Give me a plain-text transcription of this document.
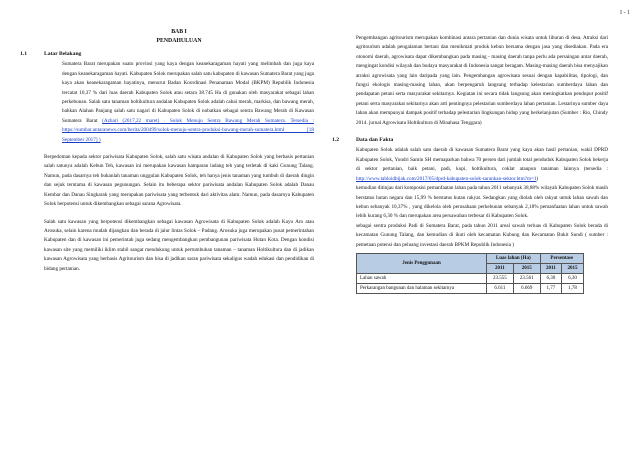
I - 1
BAB I
PENDAHULUAN
1.1	Latar Belakang
Sumatera Barat merupakan suatu provinsi yang kaya dengan keanekaragaman hayati yang melimbah dan juga kaya dengan keanekaragaman hayati. Kabupaten Solok merupakan salah satu kabupaten di kawasan Sumatera Barat yang juga kaya akan keanekaragaman hayatinya, menurut Badan Koordinasi Penanaman Modal (BKPM) Republik Indonesia tercatat 10,37 % dari luas daerah Kabupaten Solok atau setara 38.745 Ha di gunakan oleh masyarakat sebagai lahan perkebunan. Salah satu tanaman holtikultura andalan Kabupaten Solok adalah cabai merah, markisa, dan bawang merah, bahkan Alahan Panjang salah satu nagari di Kabupaten Solok di nobatkan sebagai sentra Bawang Merah di Kawasan Sumatera Barat (Azhari (2017,22 maret) . Solok Menuju Sentra Bawang Merah Sumatera. Tersedia : https://sumbar.antaranews.com/berita/200499/solok-menuju-sentra-produksi-bawang-merah-sumatera.html [18 September 2017] )
Berpedoman kepada sektor pariwisata Kabupaten Solok, salah satu wisata andalan di Kabupaten Solok yang berbasis pertanian salah satunya adalah Kebun Teh, kawasan ini merupakan kawasan hamparan ladang teh yang terletak di kaki Gunung Talang. Namun, pada dasarnya teh bukanlah tanaman unggulan Kabupaten Solok, teh hanya jenis tanaman yang tumbuh di daerah dingin dan sejuk terutama di kawasan pegunungan. Selain itu beberapa sektor pariwisata andalan Kabupaten Solok adalah Danau Kembar dan Danau Singkarak yang merupakan pariwisata yang terbentuk dari aktivitas alam. Namun, pada dasarnya Kabupaten Solok berpotensi untuk dikembangkan sebagai sarana Agrowisata.
Salah satu kawasan yang berpotensi dikembangkan sebagai kawasan Agrowisata di Kabupaten Solok adalah Kayu Aro atau Arosuka, selain karena mudah dijangkau dan berada di jalur lintas Solok – Padang. Arosuka juga merupakan pusat pemerintahan Kabupaten dan di kawasan ini pemerintah juga sedang mengembangkan pembangunan pariwisata Hutan Kota. Dengan kondisi kawasan site yang memiliki iklim stabil sangat mendukung untuk pertumbuhan tanaman – tanaman Holtikultura dan di jadikan kawasan Agrowisata yang berbasis Agritourism dan bisa di jadikan saran pariwisata sekaligus wadah edukasi dan pendidikan di bidang pertanian.
Pengembangan agritourism merupakan kombinasi antara pertanian dan dunia wisata untuk liburan di desa. Atraksi dari agritourism adalah pengalaman bertani dan menikmati produk kebun bersama dengan jasa yang disediakan. Pada era otonomi daerah, agrowisata dapat dikembangkan pada masing - masing daerah tanpa perlu ada persaingan antar daerah, mengingat kondisi wilayah dan budaya masyarakat di Indonesia sangat beragam. Masing-masing daerah bisa menyajikan atraksi agrowisata yang lain daripada yang lain. Pengembangan agrowisata sesuai dengan kapabilitas, tipologi, dan fungsi ekologis masing-masing lahan, akan berpengaruh langsung terhadap kelestarian sumberdaya lahan dan pendapatan petani serta masyarakat sekitarnya. Kegiatan ini secara tidak langsung akan meningkatkan penduput positif petani serta masyarakat sekitarnya akan arti pentingnya pelestarian sumberdaya lahan pertanian. Lestarinya sumber daya lahan akan mempunyai dampak positif terhadap pelestarian lingkungan hidup yang berkelanjutan (Sumber : Rio, Chindy 2014. jurnal Agrowisata Holtikultura di Minahasa Tenggara)
1.2	Data dan Fakta
Kabupaten Solok adalah salah satu daerah di kawasan Sumatera Barat yang kaya akan hasil pertanian, wakil DPRD Kabupaten Solok, Yondri Samin SH memaparkan bahwa 70 persen dari jumlah total penduduk Kabupaten Solok bekerja di sektor pertanian, baik petani, padi, kopi, holtikultura, coklat ataupun tanaman lainnya (tersedia : http://www.tabloidbijak.com/2017/05/dprd-kabupaten-solok-sarankan-sektor.htm?m=1)
kemudian ditinjau dari komposisi pemanfaatan lahan pada tahun 2011 sebanyak 38,88% wilayah Kabupaten Solok masih berstatus hutan negara dan 15,99 % berstatus hutan rakyat. Sedangkan yang diolah oleh rakyat untuk lahan sawah dan kebun sebanyak 10,37% , yang dikelola oleh perusahaan perkebunan sebanyak 2,18% pemanfaatan lahan untuk sawah lebih kurang 6,30 % dan merupakan area persawahan terbesar di Kabupaten Solok.
sebagai sentra produksi Padi di Sumatera Barat, pada tahun 2011 areal sawah terluas di Kabupaten Solok berada di kecamatan Gunung Talang, dan kemudian di ikuti oleh kecamatan Kubung dan Kecamatan Bukit Sundi ( sumber : pemetaan potensi dan peluang investasi daerah BPKM Republik Indonesia )
Jenis Penggunaan	Luas lahan (Ha)		Persentase	
	2011	2015	2011	2015
Lahan sawah	23.555	23.561	6,30	6,30
Perkarangan bangunan dan halaman sekitarnya	6.611	6.669	1,77	1,78
